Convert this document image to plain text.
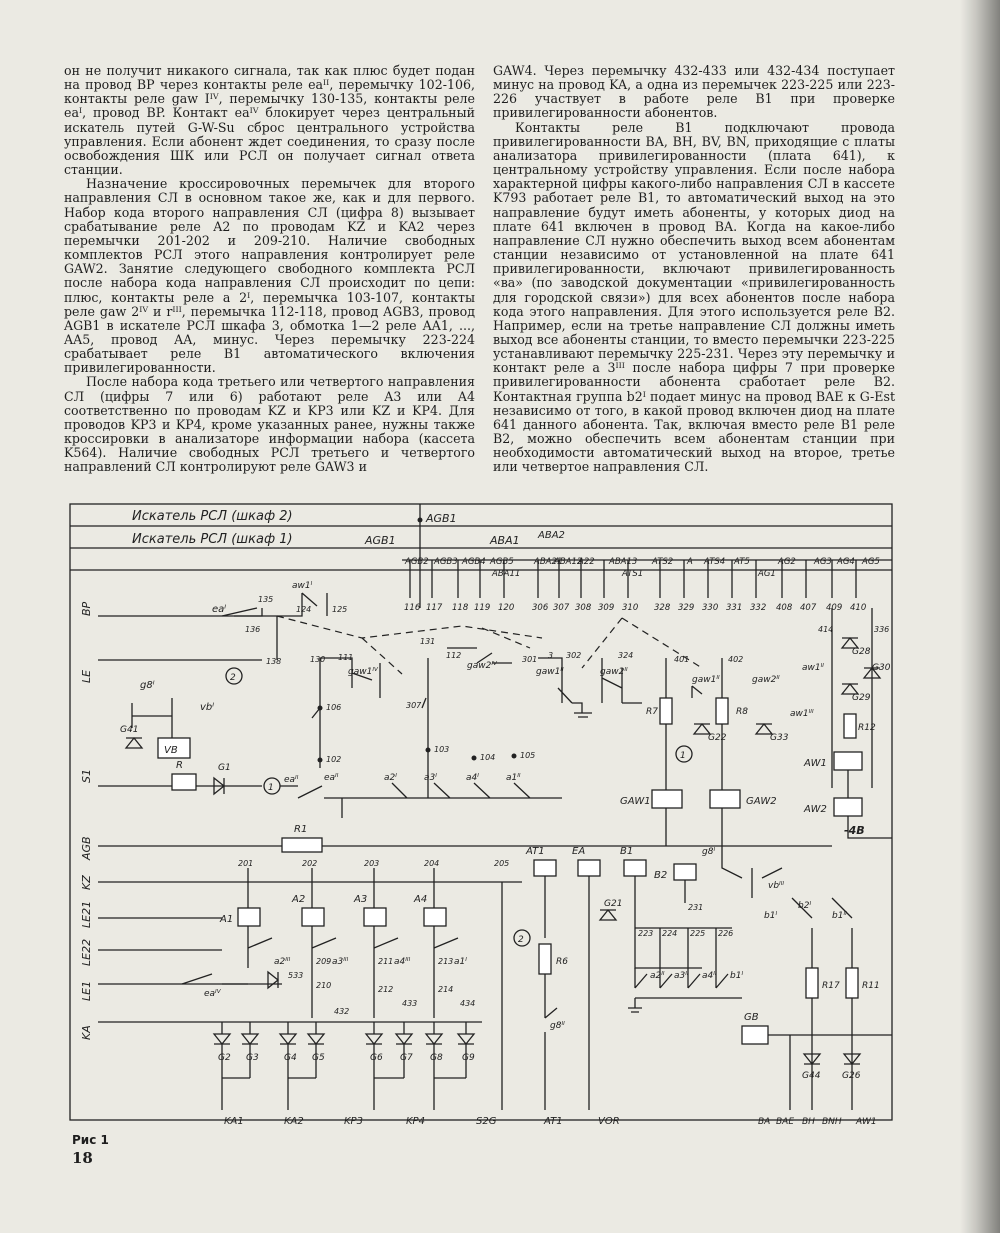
он не получит никакого сигнала, так как плюс будет подан на провод BP через контакты реле eaᴵᴵ, перемычку 102-106, контакты реле gaw Iᴵⱽ, перемычку 130-135, контакты реле eaᴵ, провод BP. Контакт eaᴵⱽ блокирует через центральный искатель путей G-W-Su сброс центрального устройства управления. Если абонент ждет соединения, то сразу после освобождения ШК или РСЛ он получает сигнал ответа станции.

Назначение кроссировочных перемычек для второго направления СЛ в основном такое же, как и для первого. Набор кода второго направления СЛ (цифра 8) вызывает срабатывание реле A2 по проводам KZ и KA2 через перемычки 201-202 и 209-210. Наличие свободных комплектов РСЛ этого направления контролирует реле GAW2. Занятие следующего свободного комплекта РСЛ после набора кода направления СЛ происходит по цепи: плюс, контакты реле a 2ᴵ, перемычка 103-107, контакты реле gaw 2ᴵⱽ и rᴵᴵᴵ, перемычка 112-118, провод AGB3, провод AGB1 в искателе РСЛ шкафа 3, обмотка 1—2 реле AA1, ..., AA5, провод AA, минус. Через перемычку 223-224 срабатывает реле B1 автоматического включения привилегированности.

После набора кода третьего или четвертого направления СЛ (цифры 7 или 6) работают реле A3 или A4 соответственно по проводам KZ и KP3 или KZ и KP4. Для проводов KP3 и KP4, кроме указанных ранее, нужны также кроссировки в анализаторе информации набора (кассета K564). Наличие свободных РСЛ третьего и четвертого направлений СЛ контролируют реле GAW3 и

GAW4. Через перемычку 432-433 или 432-434 поступает минус на провод KA, а одна из перемычек 223-225 или 223-226 участвует в работе реле B1 при проверке привилегированности абонентов.

Контакты реле B1 подключают провода привилегированности BA, BH, BV, BN, приходящие с платы анализатора привилегированности (плата 641), к центральному устройству управления. Если после набора характерной цифры какого-либо направления СЛ в кассете K793 работает реле B1, то автоматический выход на это направление будут иметь абоненты, у которых диод на плате 641 включен в провод BA. Когда на какое-либо направление СЛ нужно обеспечить выход всем абонентам станции независимо от установленной на плате 641 привилегированности, включают привилегированность «ва» (по заводской документации «привилегированность для городской связи») для всех абонентов после набора кода этого направления. Для этого используется реле B2. Например, если на третье направление СЛ должны иметь выход все абоненты станции, то вместо перемычки 223-225 устанавливают перемычку 225-231. Через эту перемычку и контакт реле a 3ᴵᴵᴵ после набора цифры 7 при проверке привилегированности абонента сработает реле B2. Контактная группа b2ᴵ подает минус на провод BAE к G-Est независимо от того, в какой провод включен диод на плате 641 данного абонента. Так, включая вместо реле B1 реле B2, можно обеспечить всем абонентам станции при необходимости автоматический выход на второе, третье или четвертое направления СЛ.

Искатель РСЛ (шкаф 2)
Искатель РСЛ (шкаф 1)
AGB1
AGB1	ABA1 ABA2
BP
LE
S1
AGB
KZ
LE21
LE22
LE1
KA
AGB2 AGB3 AGB4 AGB5
ABA11
ABA21
ABA12
A22 ABA13
ATS1
ATS2 A ATS4 AT5
AG1
AG2 AG3 AG4 AG5
116 117 118 119 120 306 307 308 309 310 328 329 330 331 332 408 407 409 410
eaᴵ
135
136
138
aw1ᴵ
124	125
g8ᴵ
vbᴵ
2
VB
G41
R	G1
1
eaᴵᴵ	eaᴵᴵ
gaw1ᴵⱽ
130 111
131
112
gaw2ᴵⱽ
106
102
307
103
104	105
a2ᴵ	a3ᴵ	a4ᴵ	a1ᴵᴵ
gaw1ᴵᴵ
301 3 302
gaw2ᴵᴵ
324	401	402
R7	R8
gaw1ᴵᴵ	gaw2ᴵᴵ
G22	G33
1
GAW1	GAW2
414	336
G28
G29
G30
aw1ᴵᴵ
aw1ᴵᴵᴵ
R12
AW1
AW2
-4B
R1
201	202	203	204
A1
A2	A3	A4
a2ᴵᴵᴵ	a3ᴵᴵᴵ	a4ᴵᴵᴵ	a1ᴵ
209
210
211
212
213
214
eaᴵⱽ
533
432
433	434
G2 G3	G4 G5	G6 G7 G8 G9
205
2
AT1
R6
g8ᴵᴵ
EA	B1
B2
231
G21
223 224 225 226
a2ᴵᴵ a3ᴵᴵ a4ᴵᴵ b1ᴵ
g8ᴵ
vbᴵᴵᴵ
b1ᴵ
b2ᴵ
b1ᴵᴵ
R17 R11
GB
G44 G26
KA1	KA2	KP3	KP4	S2G	AT1	VOR	BA BAE BH BNH AW1
Рис 1
18
